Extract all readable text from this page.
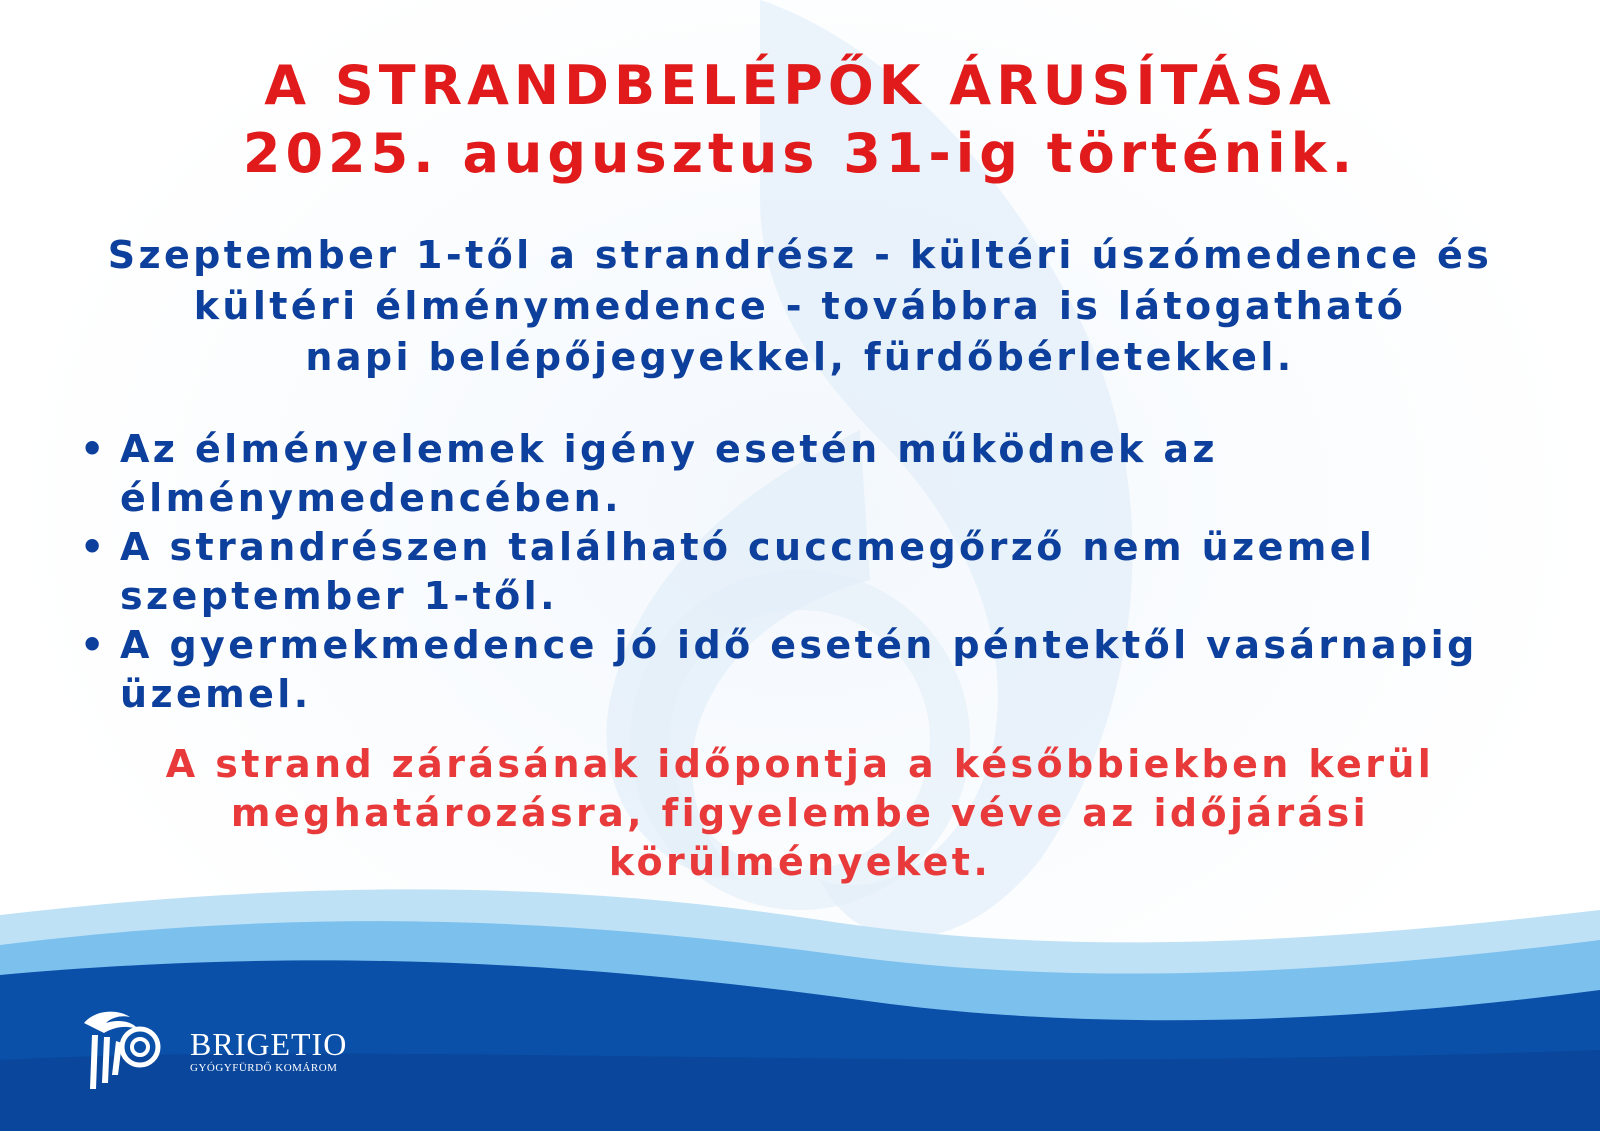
A STRANDBELÉPŐK ÁRUSÍTÁSA
2025. augusztus 31-ig történik.

Szeptember 1-től a strandrész - kültéri úszómedence és
kültéri élménymedence - továbbra is látogatható
napi belépőjegyekkel, fürdőbérletekkel.

• Az élményelemek igény esetén működnek az élménymedencében.
• A strandrészen található cuccmegőrző nem üzemel szeptember 1-től.
• A gyermekmedence jó idő esetén péntektől vasárnapig üzemel.

A strand zárásának időpontja a későbbiekben kerül
meghatározásra, figyelembe véve az időjárási
körülményeket.

BRIGETIO
GYÓGYFÜRDŐ KOMÁROM
